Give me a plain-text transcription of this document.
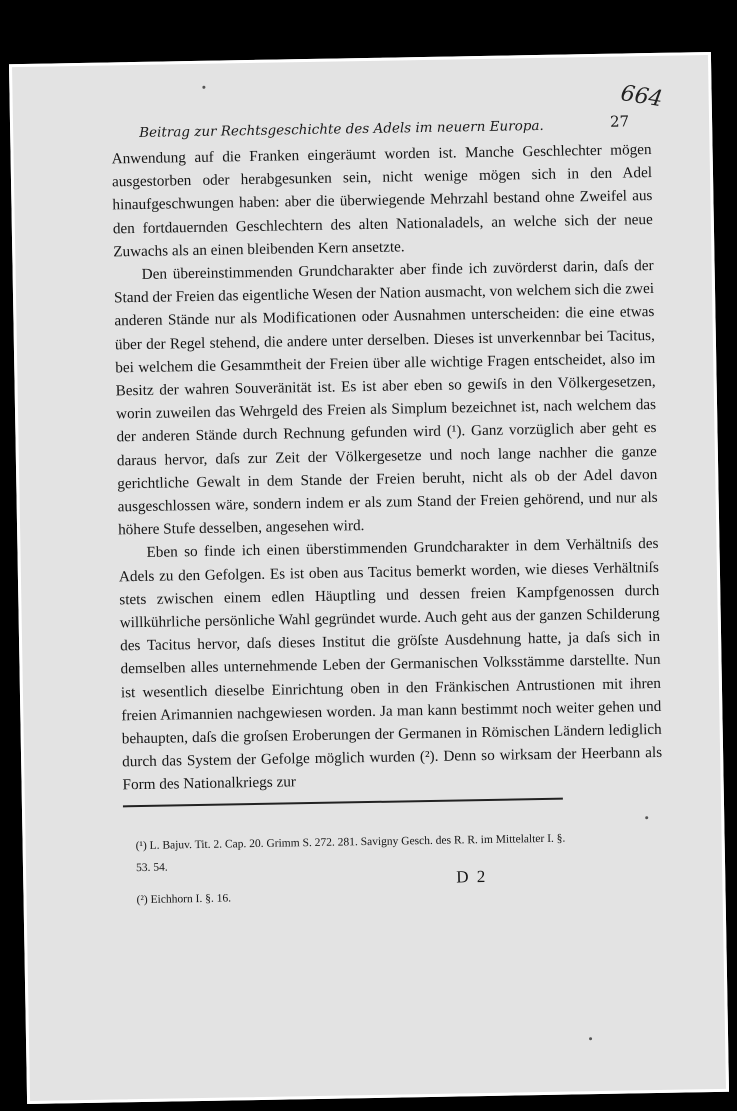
664
Beitrag zur Rechtsgeschichte des Adels im neuern Europa.	27

Anwendung auf die Franken eingeräumt worden ist. Manche Geschlechter mögen ausgestorben oder herabgesunken sein, nicht wenige mögen sich in den Adel hinaufgeschwungen haben: aber die überwiegende Mehrzahl bestand ohne Zweifel aus den fortdauernden Geschlechtern des alten Nationaladels, an welche sich der neue Zuwachs als an einen bleibenden Kern ansetzte.

Den übereinstimmenden Grundcharakter aber finde ich zuvörderst darin, daſs der Stand der Freien das eigentliche Wesen der Nation ausmacht, von welchem sich die zwei anderen Stände nur als Modificationen oder Ausnahmen unterscheiden: die eine etwas über der Regel stehend, die andere unter derselben. Dieses ist unverkennbar bei Tacitus, bei welchem die Gesammtheit der Freien über alle wichtige Fragen entscheidet, also im Besitz der wahren Souveränität ist. Es ist aber eben so gewiſs in den Völkergesetzen, worin zuweilen das Wehrgeld des Freien als Simplum bezeichnet ist, nach welchem das der anderen Stände durch Rechnung gefunden wird (¹). Ganz vorzüglich aber geht es daraus hervor, daſs zur Zeit der Völkergesetze und noch lange nachher die ganze gerichtliche Gewalt in dem Stande der Freien beruht, nicht als ob der Adel davon ausgeschlossen wäre, sondern indem er als zum Stand der Freien gehörend, und nur als höhere Stufe desselben, angesehen wird.

Eben so finde ich einen überstimmenden Grundcharakter in dem Verhältniſs des Adels zu den Gefolgen. Es ist oben aus Tacitus bemerkt worden, wie dieses Verhältniſs stets zwischen einem edlen Häuptling und dessen freien Kampfgenossen durch willkührliche persönliche Wahl gegründet wurde. Auch geht aus der ganzen Schilderung des Tacitus hervor, daſs dieses Institut die gröſste Ausdehnung hatte, ja daſs sich in demselben alles unternehmende Leben der Germanischen Volksstämme darstellte. Nun ist wesentlich dieselbe Einrichtung oben in den Fränkischen Antrustionen mit ihren freien Arimannien nachgewiesen worden. Ja man kann bestimmt noch weiter gehen und behaupten, daſs die groſsen Eroberungen der Germanen in Römischen Ländern lediglich durch das System der Gefolge möglich wurden (²). Denn so wirksam der Heerbann als Form des Nationalkriegs zur

(¹) L. Bajuv. Tit. 2. Cap. 20. Grimm S. 272. 281. Savigny Gesch. des R. R. im Mittelalter I. §. 53. 54.

(²) Eichhorn I. §. 16.

D 2
